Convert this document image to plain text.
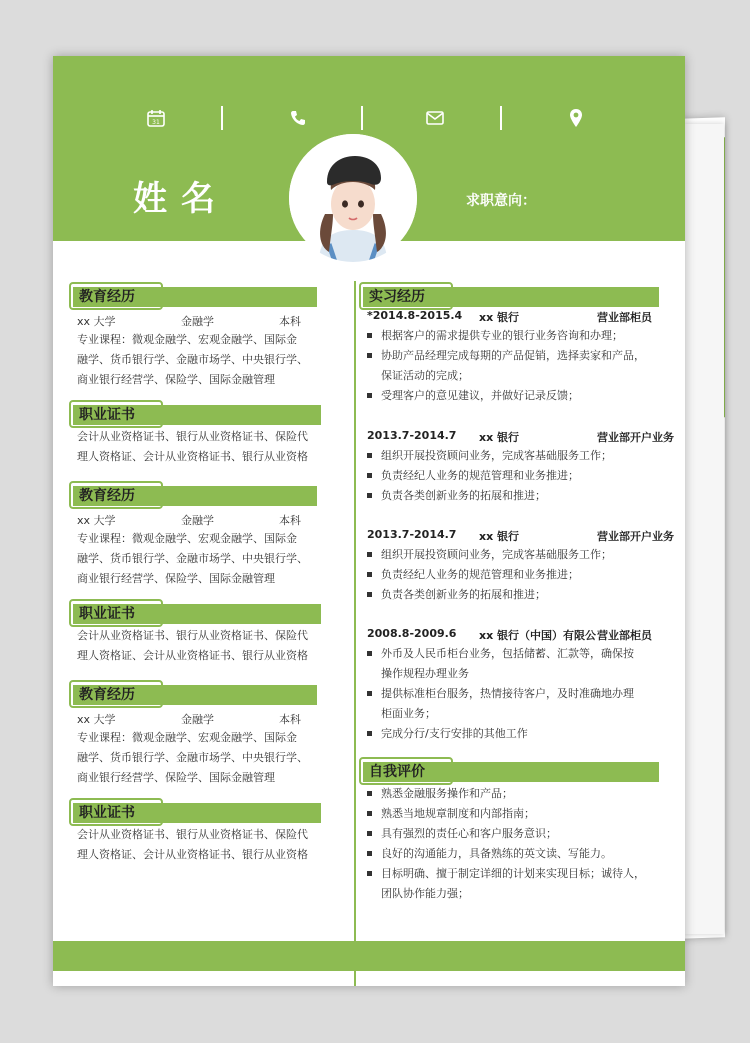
31
姓名	求职意向：
教育经历
xx 大学	金融学	本科
专业课程：微观金融学、宏观金融学、国际金
融学、货币银行学、金融市场学、中央银行学、
商业银行经营学、保险学、国际金融管理
职业证书
会计从业资格证书、银行从业资格证书、保险代
理人资格证、会计从业资格证书、银行从业资格
教育经历
xx 大学	金融学	本科
专业课程：微观金融学、宏观金融学、国际金
融学、货币银行学、金融市场学、中央银行学、
商业银行经营学、保险学、国际金融管理
职业证书
会计从业资格证书、银行从业资格证书、保险代
理人资格证、会计从业资格证书、银行从业资格
教育经历
xx 大学	金融学	本科
专业课程：微观金融学、宏观金融学、国际金
融学、货币银行学、金融市场学、中央银行学、
商业银行经营学、保险学、国际金融管理
职业证书
会计从业资格证书、银行从业资格证书、保险代
理人资格证、会计从业资格证书、银行从业资格
实习经历
*2014.8-2015.4 xx 银行	营业部柜员
根据客户的需求提供专业的银行业务咨询和办理；
协助产品经理完成每期的产品促销，选择卖家和产品，
保证活动的完成；
受理客户的意见建议，并做好记录反馈；
2013.7-2014.7 xx 银行	营业部开户业务
组织开展投资顾问业务，完成客基础服务工作；
负责经纪人业务的规范管理和业务推进；
负责各类创新业务的拓展和推进；
2013.7-2014.7 xx 银行	营业部开户业务
组织开展投资顾问业务，完成客基础服务工作；
负责经纪人业务的规范管理和业务推进；
负责各类创新业务的拓展和推进；
2008.8-2009.6 xx 银行（中国）有限公 营业部柜员
外币及人民币柜台业务，包括储蓄、汇款等，确保按
操作规程办理业务
提供标准柜台服务，热情接待客户，及时准确地办理
柜面业务；
完成分行/支行安排的其他工作
自我评价
熟悉金融服务操作和产品；
熟悉当地规章制度和内部指南；
具有强烈的责任心和客户服务意识；
良好的沟通能力，具备熟练的英文读、写能力。
目标明确、擅于制定详细的计划来实现目标；诚待人，
团队协作能力强；
